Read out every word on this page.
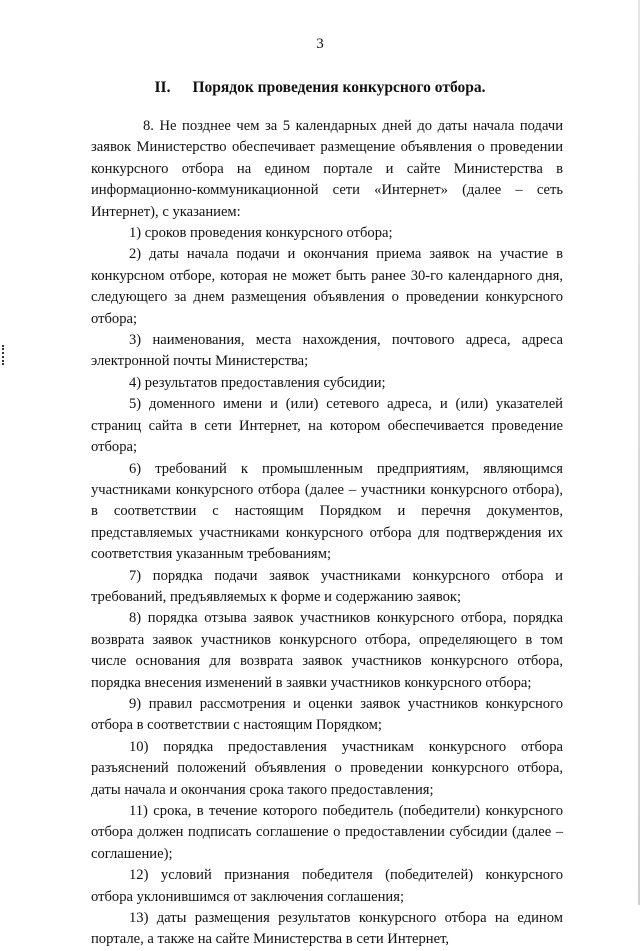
3
II. Порядок проведения конкурсного отбора.

8. Не позднее чем за 5 календарных дней до даты начала подачи заявок Министерство обеспечивает размещение объявления о проведении конкурсного отбора на едином портале и сайте Министерства в информационно-коммуникационной сети «Интернет» (далее – сеть Интернет), с указанием:

1) сроков проведения конкурсного отбора;

2) даты начала подачи и окончания приема заявок на участие в конкурсном отборе, которая не может быть ранее 30-го календарного дня, следующего за днем размещения объявления о проведении конкурсного отбора;

3) наименования, места нахождения, почтового адреса, адреса электронной почты Министерства;

4) результатов предоставления субсидии;

5) доменного имени и (или) сетевого адреса, и (или) указателей страниц сайта в сети Интернет, на котором обеспечивается проведение отбора;

6) требований к промышленным предприятиям, являющимся участниками конкурсного отбора (далее – участники конкурсного отбора), в соответствии с настоящим Порядком и перечня документов, представляемых участниками конкурсного отбора для подтверждения их соответствия указанным требованиям;

7) порядка подачи заявок участниками конкурсного отбора и требований, предъявляемых к форме и содержанию заявок;

8) порядка отзыва заявок участников конкурсного отбора, порядка возврата заявок участников конкурсного отбора, определяющего в том числе основания для возврата заявок участников конкурсного отбора, порядка внесения изменений в заявки участников конкурсного отбора;

9) правил рассмотрения и оценки заявок участников конкурсного отбора в соответствии с настоящим Порядком;

10) порядка предоставления участникам конкурсного отбора разъяснений положений объявления о проведении конкурсного отбора, даты начала и окончания срока такого предоставления;

11) срока, в течение которого победитель (победители) конкурсного отбора должен подписать соглашение о предоставлении субсидии (далее – соглашение);

12) условий признания победителя (победителей) конкурсного отбора уклонившимся от заключения соглашения;

13) даты размещения результатов конкурсного отбора на едином портале, а также на сайте Министерства в сети Интернет,
